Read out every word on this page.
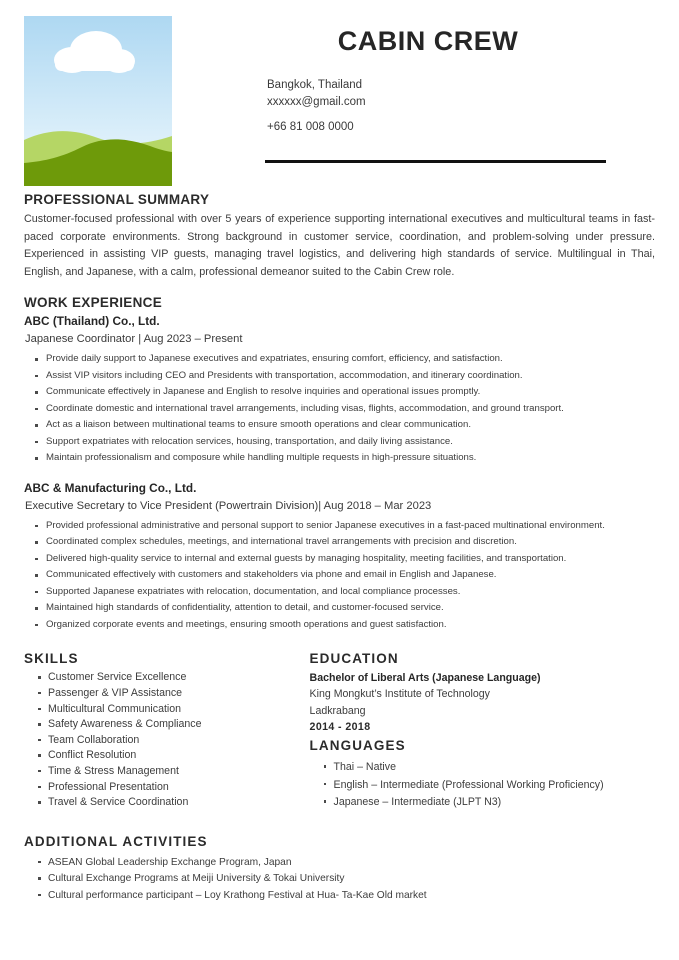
CABIN CREW
Bangkok, Thailand
xxxxxx@gmail.com
+66 81 008 0000
PROFESSIONAL SUMMARY

Customer-focused professional with over 5 years of experience supporting international executives and multicultural teams in fast-paced corporate environments. Strong background in customer service, coordination, and problem-solving under pressure. Experienced in assisting VIP guests, managing travel logistics, and delivering high standards of service. Multilingual in Thai, English, and Japanese, with a calm, professional demeanor suited to the Cabin Crew role.

WORK EXPERIENCE
ABC (Thailand) Co., Ltd.
Japanese Coordinator | Aug 2023 – Present
Provide daily support to Japanese executives and expatriates, ensuring comfort, efficiency, and satisfaction.
Assist VIP visitors including CEO and Presidents with transportation, accommodation, and itinerary coordination.
Communicate effectively in Japanese and English to resolve inquiries and operational issues promptly.
Coordinate domestic and international travel arrangements, including visas, flights, accommodation, and ground transport.
Act as a liaison between multinational teams to ensure smooth operations and clear communication.
Support expatriates with relocation services, housing, transportation, and daily living assistance.
Maintain professionalism and composure while handling multiple requests in high-pressure situations.
ABC & Manufacturing Co., Ltd.
Executive Secretary to Vice President (Powertrain Division)| Aug 2018 – Mar 2023
Provided professional administrative and personal support to senior Japanese executives in a fast-paced multinational environment.
Coordinated complex schedules, meetings, and international travel arrangements with precision and discretion.
Delivered high-quality service to internal and external guests by managing hospitality, meeting facilities, and transportation.
Communicated effectively with customers and stakeholders via phone and email in English and Japanese.
Supported Japanese expatriates with relocation, documentation, and local compliance processes.
Maintained high standards of confidentiality, attention to detail, and customer-focused service.
Organized corporate events and meetings, ensuring smooth operations and guest satisfaction.
SKILLS
Customer Service Excellence
Passenger & VIP Assistance
Multicultural Communication
Safety Awareness & Compliance
Team Collaboration
Conflict Resolution
Time & Stress Management
Professional Presentation
Travel & Service Coordination
EDUCATION
Bachelor of Liberal Arts (Japanese Language)
King Mongkut’s Institute of Technology
Ladkrabang
2014 - 2018
LANGUAGES
Thai – Native
English – Intermediate (Professional Working Proficiency)
Japanese – Intermediate (JLPT N3)
ADDITIONAL ACTIVITIES
ASEAN Global Leadership Exchange Program, Japan
Cultural Exchange Programs at Meiji University & Tokai University
Cultural performance participant – Loy Krathong Festival at Hua- Ta-Kae Old market
